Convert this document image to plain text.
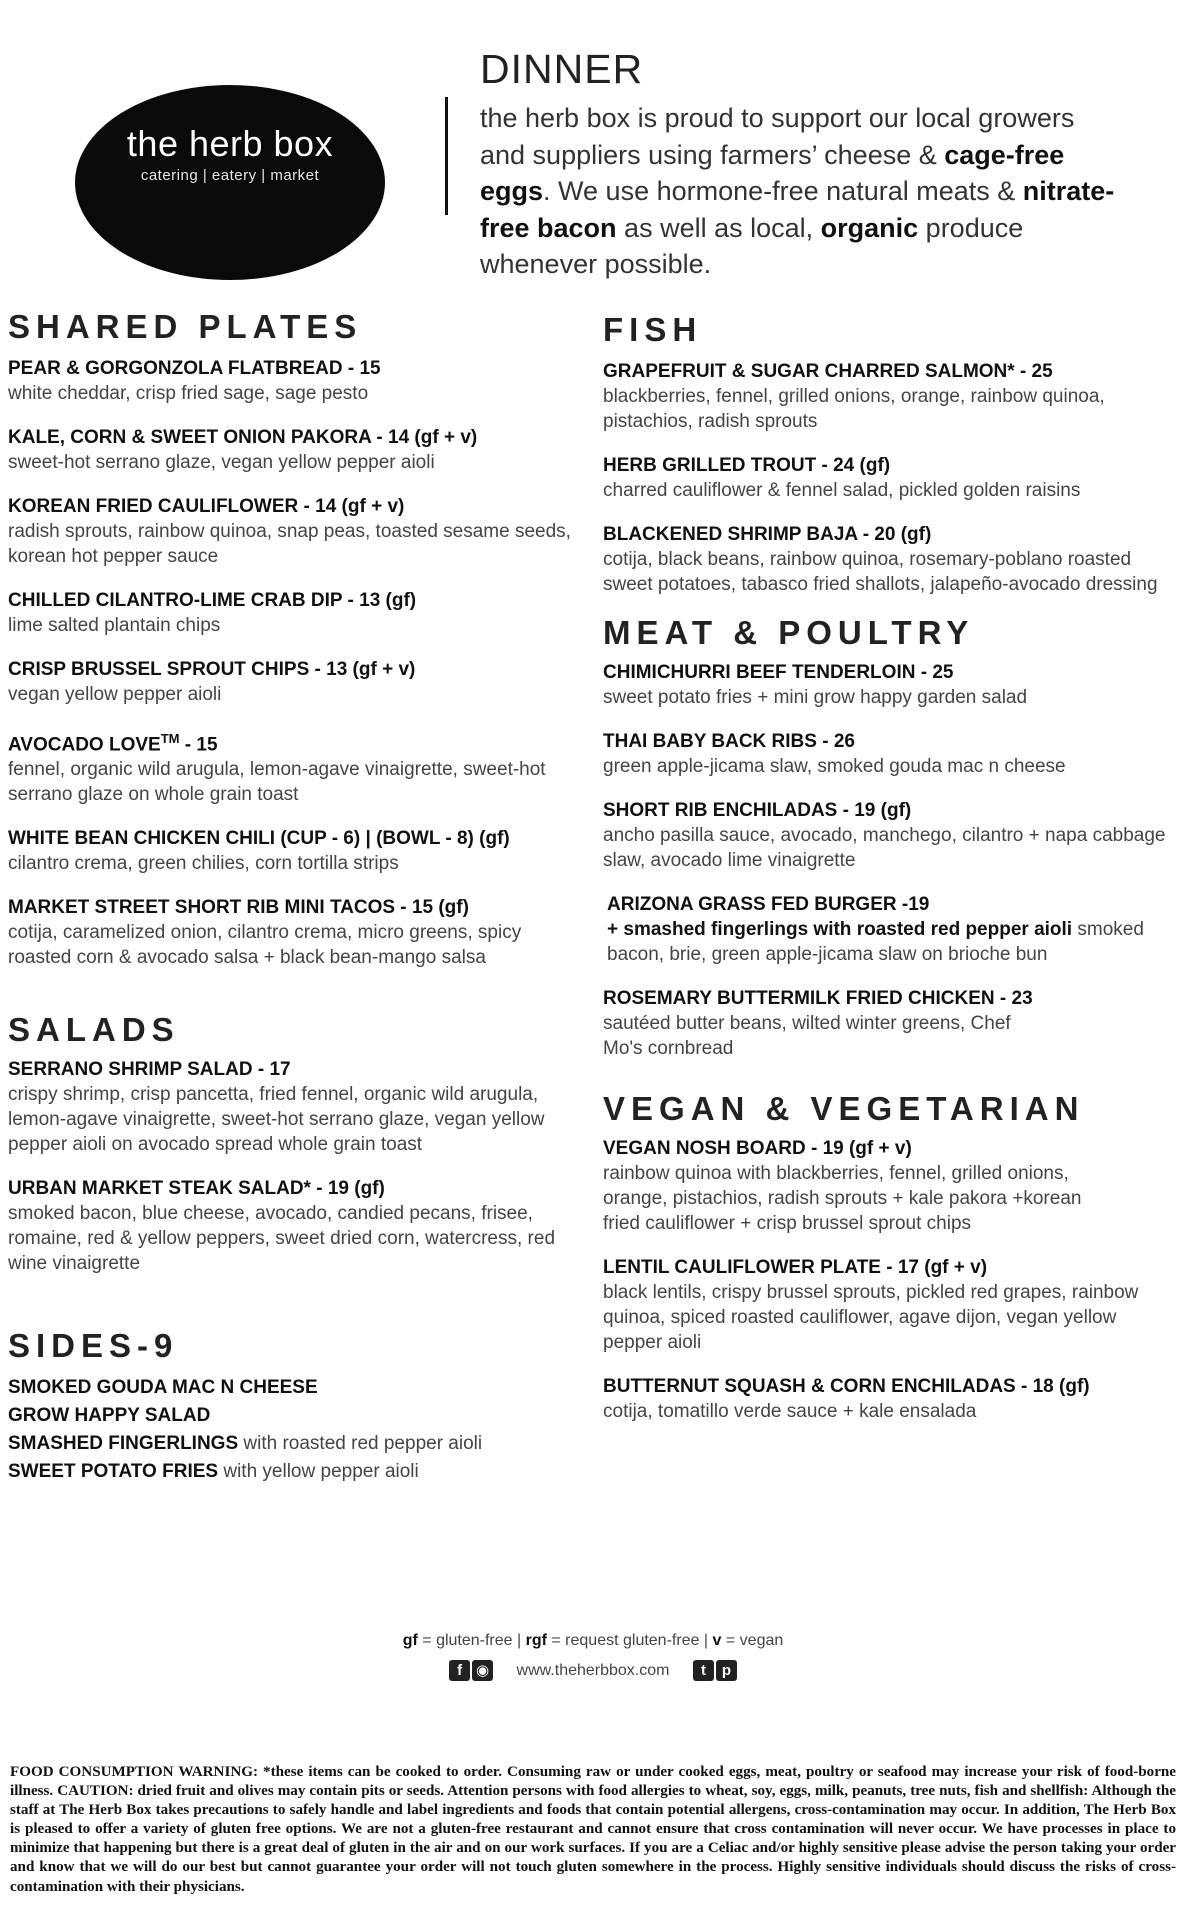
the herb box
catering | eatery | market
DINNER
the herb box is proud to support our local growers and suppliers using farmers’ cheese & cage-free eggs. We use hormone-free natural meats & nitrate-free bacon as well as local, organic produce whenever possible.
SHARED PLATES
PEAR & GORGONZOLA FLATBREAD - 15
white cheddar, crisp fried sage, sage pesto
KALE, CORN & SWEET ONION PAKORA - 14 (gf + v)
sweet-hot serrano glaze, vegan yellow pepper aioli
KOREAN FRIED CAULIFLOWER - 14 (gf + v)
radish sprouts, rainbow quinoa, snap peas, toasted sesame seeds, korean hot pepper sauce
CHILLED CILANTRO-LIME CRAB DIP - 13 (gf)
lime salted plantain chips
CRISP BRUSSEL SPROUT CHIPS - 13 (gf + v)
vegan yellow pepper aioli
AVOCADO LOVE™ - 15
fennel, organic wild arugula, lemon-agave vinaigrette, sweet-hot serrano glaze on whole grain toast
WHITE BEAN CHICKEN CHILI (CUP - 6) | (BOWL - 8) (gf)
cilantro crema, green chilies, corn tortilla strips
MARKET STREET SHORT RIB MINI TACOS - 15 (gf)
cotija, caramelized onion, cilantro crema, micro greens, spicy roasted corn & avocado salsa + black bean-mango salsa
SALADS
SERRANO SHRIMP SALAD - 17
crispy shrimp, crisp pancetta, fried fennel, organic wild arugula, lemon-agave vinaigrette, sweet-hot serrano glaze, vegan yellow pepper aioli on avocado spread whole grain toast
URBAN MARKET STEAK SALAD* - 19 (gf)
smoked bacon, blue cheese, avocado, candied pecans, frisee, romaine, red & yellow peppers, sweet dried corn, watercress, red wine vinaigrette
SIDES-9
SMOKED GOUDA MAC N CHEESE
GROW HAPPY SALAD
SMASHED FINGERLINGS with roasted red pepper aioli
SWEET POTATO FRIES with yellow pepper aioli
FISH
GRAPEFRUIT & SUGAR CHARRED SALMON* - 25
blackberries, fennel, grilled onions, orange, rainbow quinoa, pistachios, radish sprouts
HERB GRILLED TROUT - 24 (gf)
charred cauliflower & fennel salad, pickled golden raisins
BLACKENED SHRIMP BAJA - 20 (gf)
cotija, black beans, rainbow quinoa, rosemary-poblano roasted sweet potatoes, tabasco fried shallots, jalapeño-avocado dressing
MEAT & POULTRY
CHIMICHURRI BEEF TENDERLOIN - 25
sweet potato fries + mini grow happy garden salad
THAI BABY BACK RIBS - 26
green apple-jicama slaw, smoked gouda mac n cheese
SHORT RIB ENCHILADAS - 19 (gf)
ancho pasilla sauce, avocado, manchego, cilantro + napa cabbage slaw, avocado lime vinaigrette
ARIZONA GRASS FED BURGER -19
+ smashed fingerlings with roasted red pepper aioli smoked bacon, brie, green apple-jicama slaw on brioche bun
ROSEMARY BUTTERMILK FRIED CHICKEN - 23
sautéed butter beans, wilted winter greens, Chef Mo's cornbread
VEGAN & VEGETARIAN
VEGAN NOSH BOARD - 19 (gf + v)
rainbow quinoa with blackberries, fennel, grilled onions, orange, pistachios, radish sprouts + kale pakora +korean fried cauliflower + crisp brussel sprout chips
LENTIL CAULIFLOWER PLATE - 17 (gf + v)
black lentils, crispy brussel sprouts, pickled red grapes, rainbow quinoa, spiced roasted cauliflower, agave dijon, vegan yellow pepper aioli
BUTTERNUT SQUASH & CORN ENCHILADAS - 18 (gf)
cotija, tomatillo verde sauce + kale ensalada
gf = gluten-free | rgf = request gluten-free | v = vegan
f ◉ www.theherbbox.com t p
FOOD CONSUMPTION WARNING: *these items can be cooked to order. Consuming raw or under cooked eggs, meat, poultry or seafood may increase your risk of food-borne illness. CAUTION: dried fruit and olives may contain pits or seeds. Attention persons with food allergies to wheat, soy, eggs, milk, peanuts, tree nuts, fish and shellfish: Although the staff at The Herb Box takes precautions to safely handle and label ingredients and foods that contain potential allergens, cross-contamination may occur. In addition, The Herb Box is pleased to offer a variety of gluten free options. We are not a gluten-free restaurant and cannot ensure that cross contamination will never occur. We have processes in place to minimize that happening but there is a great deal of gluten in the air and on our work surfaces. If you are a Celiac and/or highly sensitive please advise the person taking your order and know that we will do our best but cannot guarantee your order will not touch gluten somewhere in the process. Highly sensitive individuals should discuss the risks of cross-contamination with their physicians.
